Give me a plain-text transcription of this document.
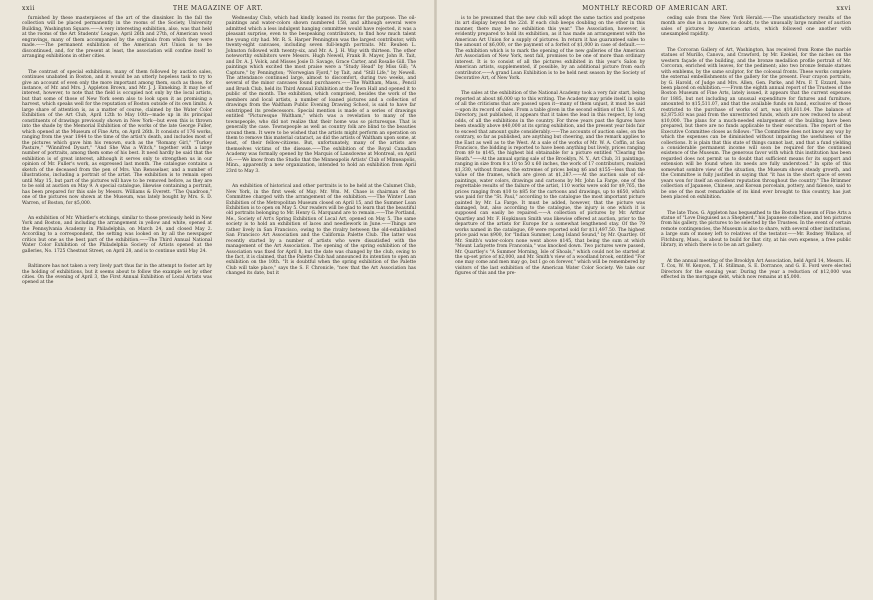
xxii	THE MAGAZINE OF ART.

furnished by these masterpieces of the art of the dinsinker. In the fall the collection will be placed permanently in the rooms of the Society, University Building, Washington Square.——A very interesting exhibition, also, was that held at the rooms of the Art Students' League, April 26th and 27th, of American wood engravings, many of them accompanied by the originals from which they were made.——The permanent exhibition of the American Art Union is to be discontinued, and, for the present at least, the association will confine itself to arranging exhibitions in other cities.

The contrast of special exhibitions, many of them followed by auction sales, continues unabated in Boston, and it would be an utterly hopeless task to try to give an account of even only the more important among them, such as those, for instance, of Mr. and Mrs. J. Appleton Brown, and Mr. J. J. Enneking. It may be of interest, however, to note that the field is occupied not only by the local artists, but that some of those of New York seem also to look upon it as promising a harvest, which speaks well for the reputation of Boston outside of its own limits. A large share of attention is, as a matter of course, claimed by the Water Color Exhibition of the Art Club, April 12th to May 10th—made up in its principal constituents of drawings previously shown in New York—but even this is thrown into the shade by the Memorial Exhibition of the works of the late George Fuller, which opened at the Museum of Fine Arts, on April 26th. It consists of 176 works, ranging from the year 1844 to the time of the artist's death, and includes most of the pictures which gave him his renown, such as the "Romany Girl," "Turkey Pasture," "Winnifred Dysart," "And She Was a Witch," together with a large number of portraits, among them some of his best. It need hardly be said that the exhibition is of great interest, although it serves only to strengthen us in our opinion of Mr. Fuller's work, as expressed last month. The catalogue contains a sketch of the deceased from the pen of Mrs. Van Rensselaer, and a number of illustrations, including a portrait of the artist. The exhibition is to remain open until May 15, but part of the pictures will have to be removed before, as they are to be sold at auction on May 9. A special catalogue, likewise containing a portrait, has been prepared for this sale by Messrs. Williams & Everett. "The Quadroon," one of the pictures now shown at the Museum, was lately bought by Mrs. S. D. Warren, of Boston, for $5,000.

An exhibition of Mr. Whistler's etchings, similar to those previously held in New York and Boston, and including the arrangement in yellow and white, opened at the Pennsylvania Academy in Philadelphia, on March 24, and closed May 2. According to a correspondent, the setting was looked on by all the newspaper critics but one as the best part of the exhibition.——The Third Annual National Water Color Exhibition of the Philadelphia Society of Artists opened at the galleries, No. 1725 Chestnut Street, on April 28, and is to continue until May 24.

Baltimore has not taken a very lively part thus far in the attempt to foster art by the holding of exhibitions, but it seems about to follow the example set by other cities. On the evening of April 3, the First Annual Exhibition of Local Artists was opened at the

Wednesday Club, which had kindly loaned its rooms for the purpose. The oil-paintings and water-colors shown numbered 158, and although several were admitted which a less indulgent hanging committee would have rejected, it was a pleasant surprise, even to the bespeaking contributors, to find how much talent the young city had. Mr. R. S. Harper Pennington was the largest contributor, with twenty-eight canvases, including seven full-length portraits. Mr. Reuben L. Johnston followed with twenty-six, and Mr. A. J. H. Way with thirteen. The other noteworthy exhibitors were Messrs. Hugh Newell, Frank B. Mayer, John R. Tait, and Dr. A. J. Volck, and Misses Josie D. Savage, Grace Carter, and Rosalie Gill. The paintings which excited the most praise were a "Study Head" by Miss Gill; "A Capture," by Pennington; "Norwegian Fjord," by Tait, and "Still Life," by Newell. The attendance continued large, almost to discomfort, during two weeks, and several of the minor canvases found purchasers.——The Waltham, Mass., Pencil and Brush Club, held its Third Annual Exhibition at the Town Hall and opened it to public of the month. The exhibition, which comprised, besides the work of the members and local artists, a number of loaned pictures and a collection of drawings from the Waltham Public Evening Drawing School, is said to have far outstripped its predecessors. Special mention is made of a series of drawings entitled "Picturesque Waltham," which was a revelation to many of the townspeople, who did not realize that their home was so picturesque. That is generally the case. Townspeople as well as country folk are blind to the beauties around them. It were to be wished that the artists might perform an operation on them to remove this material cataract, as did the artists of Waltham upon some, at least, of their fellow-citizens. But, unfortunately, many of the artists are themselves victims of the disease.——The exhibition of the Royal Canadian Academy was formally opened by the Marquis of Lansdowne at Montreal, on April 16.——We know from the Studio that the Minneapolis Artists' Club of Minneapolis, Minn., apparently a new organization, intended to hold an exhibition from April 23rd to May 3.

An exhibition of historical and other portraits is to be held at the Calumet Club, New York, in the first week of May. Mr. Wm. M. Chase is chairman of the Committee charged with the arrangement of the exhibition.——The Winter Loan Exhibition of the Metropolitan Museum closed on April 15, and the Summer Loan Exhibition is to open on May 5. Our readers will be glad to learn that the beautiful old portraits belonging to Mr. Henry G. Marquand are to remain.——The Portland, Me., Society of Art's Spring Exhibition of Local Art, opened on May 5. The same society is to hold an exhibition of laces and needlework in June.——Things are rather lively in San Francisco, owing to the rivalry between the old-established San Francisco Art Association and the California Palette Club. The latter was recently started by a number of artists who were dissatisfied with the management of the Art Association. The opening of the spring exhibition of the Association was fixed for April 8, but the date was changed by the club, owing to the fact, it is claimed, that the Palette Club had announced its intention to open an exhibition on the 10th. "It is doubtful when the spring exhibition of the Palette Club will take place," says the S. F. Chronicle, "now that the Art Association has changed its date, but it

MONTHLY RECORD OF AMERICAN ART.	xxvi

is to be presumed that the new club will adopt the same tactics and postpone its art display beyond the 22d. If each club keeps doubling on the other in this manner, there may be no exhibition this year." The Association, however, is evidently prepared to hold its exhibition, as it has made an arrangement with the American Art Union for a supply of pictures. In return it has guaranteed sales to the amount of $6,000, or the payment of a forfeit of $1,000 in case of default.——The exhibition which is to mark the opening of the new galleries of the American Art Association of New York, next fall, promises to be one of more than ordinary interest. It is to consist of all the pictures exhibited in this year's Salon by American artists, supplemented, if possible, by an additional picture from each contributor.——A grand Loan Exhibition is to be held next season by the Society of Decorative Art, of New York.

The sales at the exhibition of the National Academy took a very fair start, being reported at about $6,000 up to this writing. The Academy may pride itself, in spite of all the criticisms that are passed upon it—many of them unjust, it must be said—upon its record of sales. From a table given in the second edition of the U. S. Art Directory, just published, it appears that it takes the lead in this respect, by long odds, of all the exhibitions in the country. For three years past the figures have been steadily above $40,000 at its spring exhibition, and the present year bids fair to exceed that amount quite considerably.——The accounts of auction sales, on the contrary, so far as published, are anything but cheering, and the remark applies to the East as well as to the West. At a sale of the works of Mr. W. A. Coffin, at San Francisco, the bidding is reported to have been anything but lively, prices ranging from $9 to $145, the highest bid obtainable for a picture entitled "Clearing the Heath."——At the annual spring sale of the Brooklyn, N. Y., Art Club, 31 paintings, ranging in size from 8 x 10 to 50 x 60 inches, the work of 17 contributors, realized $1,330, without frames, the extremes of prices being $6 and $155—less than the value of the frames, which are given at $1,287.——At the auction sale of oil-paintings, water colors, drawings and cartoons by Mr. John La Farge, one of the regrettable results of the failure of the artist, 110 works were sold for $9,765, the prices ranging from $10 to $85 for the cartoons and drawings, up to $650, which was paid for the "St. Paul," according to the catalogue the most important picture painted by Mr. La Farge. It must be added, however, that the picture was damaged, but, also according to the catalogue, the injury is one which it is supposed can easily be repaired.——A collection of pictures by Mr. Arthur Quartley and Mr. F. Hopkinson Smith was likewise offered at auction, prior to the departure of the artists for Europe for a somewhat lengthened stay. Of the 79 works named in the catalogue, 69 were reported sold for $11,497.50. The highest price paid was $900, for "Indian Summer, Long Island Sound," by Mr. Quartley. Of Mr. Smith's water-colors none went above $145, that being the sum at which "Mount Lafayette from Franconia," was knocked down. Two pictures were passed, Mr. Quartley's "A Summer Morning, Isle of Shoals," which could not be started at the up-set price of $2,000, and Mr. Smith's view of a woodland brook, entitled "For one may come and men may go, but I go on forever," which will be remembered by visitors of the last exhibition of the American Water Color Society. We take our figures of this and the pre-

ceding sale from the New York Herald.——The unsatisfactory results of the month are due in a measure, no doubt, to the unusually large number of auction sales of pictures by American artists, which followed one another with unexampled rapidity.

The Corcoran Gallery of Art, Washington, has received from Rome the marble statues of Murillo, Canova, and Crawford, by Mr. Ezekiel, for the niches on the western façade of the building, and the bronze medallion profile portrait of Mr. Corcoran, enriched with leaves, for the pediment; also two bronze female statues with emblems, by the same sculptor, for the colossal fronts. These works complete the external embellishments of the gallery for the present. Four crayon portraits, by G. Harold, of Judge and Mrs. Allen, Gen. Parke, and Mrs. F. T. Ezzard, have been placed on exhibition.——From the eighth annual report of the Trustees of the Boston Museum of Fine Arts, lately issued, it appears that the current expenses for 1885, but not including an unusual expenditure for fixtures and furniture, amounted to $15,511.07, and that the available funds on hand, exclusive of those restricted to the purchase of works of art, was $10,611.04. The balance of $2,875.83 was paid from the unrestricted funds, which are now reduced to about $10,000. The plans for a much-needed enlargement of the building have been prepared, but there are no funds applicable to their execution. The report of the Executive Committee closes as follows: "The Committee does not know any way by which the expenses can be diminished without impairing the usefulness of the collections. It is plain that this state of things cannot last, and that a fund yielding a considerable permanent income will soon be required for the continued existence of the Museum. The generous favor with which this institution has been regarded does not permit us to doubt that sufficient means for its support and extension will be found when its needs are fully understood." In spite of this somewhat sombre view of the situation, the Museum shows steady growth, and the Committee is fully justified in saying that "it has in the short space of seven years won for itself an excellent reputation throughout the country." The Brimmer collection of Japanese, Chinese, and Korean porcelain, pottery, and faïence, said to be one of the most remarkable of its kind ever brought to this country, has just been placed on exhibition.

The late Thos. G. Appleton has bequeathed to the Boston Museum of Fine Arts a statue of "Love Disguised as a Shepherd," his Japanese collection, and ten pictures from his gallery, the pictures to be selected by the Trustees. In the event of certain remote contingencies, the Museum is also to share, with several other institutions, a large sum of money left to relatives of the testator.——Mr. Rodney Wallace, of Fitchburg, Mass., is about to build for that city, at his own expense, a free public library, in which there is to be an art gallery.

At the annual meeting of the Brooklyn Art Association, held April 14, Messrs. H. T. Cox, W. W. Kenyon, T. H. Stillman, S. E. Dorrance, and G. E. Ford were elected Directors for the ensuing year. During the year a reduction of $12,000 was effected in the mortgage debt, which now remains at $5,000.
